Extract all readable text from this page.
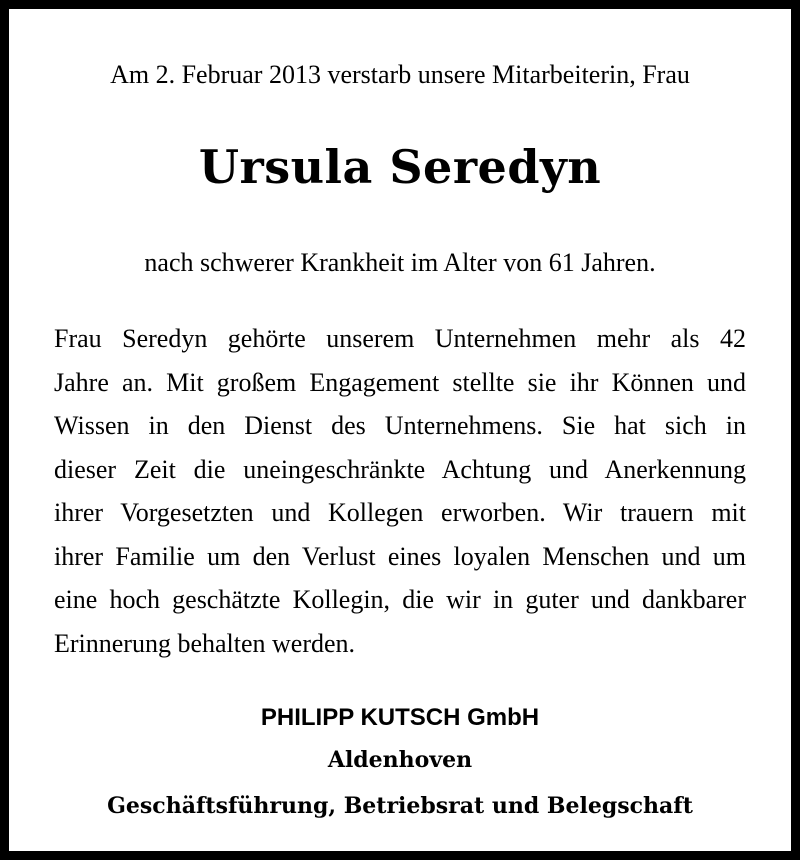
Am 2. Februar 2013 verstarb unsere Mitarbeiterin, Frau
Ursula Seredyn
nach schwerer Krankheit im Alter von 61 Jahren.
Frau Seredyn gehörte unserem Unternehmen mehr als 42
Jahre an. Mit großem Engagement stellte sie ihr Können und
Wissen in den Dienst des Unternehmens. Sie hat sich in
dieser Zeit die uneingeschränkte Achtung und Anerkennung
ihrer Vorgesetzten und Kollegen erworben. Wir trauern mit
ihrer Familie um den Verlust eines loyalen Menschen und um
eine hoch geschätzte Kollegin, die wir in guter und dankbarer
Erinnerung behalten werden.
PHILIPP KUTSCH GmbH
Aldenhoven
Geschäftsführung, Betriebsrat und Belegschaft
